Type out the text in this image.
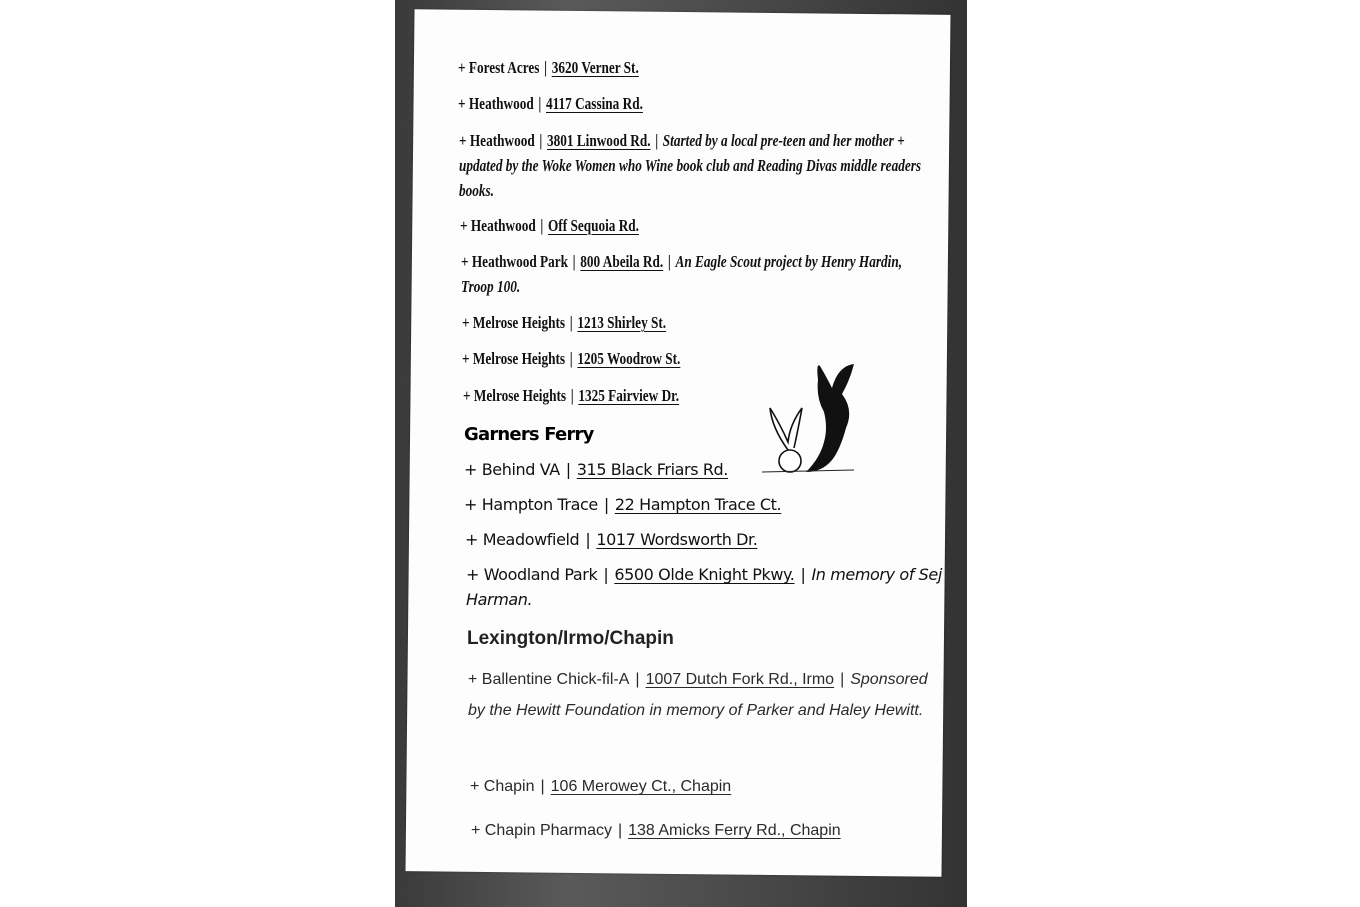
+ Forest Acres | 3620 Verner St.
+ Heathwood | 4117 Cassina Rd.
+ Heathwood | 3801 Linwood Rd. | Started by a local pre-teen and her mother + updated by the Woke Women who Wine book club and Reading Divas middle readers books.
+ Heathwood | Off Sequoia Rd.
+ Heathwood Park | 800 Abeila Rd. | An Eagle Scout project by Henry Hardin, Troop 100.
+ Melrose Heights | 1213 Shirley St.
+ Melrose Heights | 1205 Woodrow St.
+ Melrose Heights | 1325 Fairview Dr.
Garners Ferry
+ Behind VA | 315 Black Friars Rd.
+ Hampton Trace | 22 Hampton Trace Ct.
+ Meadowfield | 1017 Wordsworth Dr.
+ Woodland Park | 6500 Olde Knight Pkwy. | In memory of Sej Harman.
Lexington/Irmo/Chapin
+ Ballentine Chick-fil-A | 1007 Dutch Fork Rd., Irmo | Sponsored by the Hewitt Foundation in memory of Parker and Haley Hewitt.
+ Chapin | 106 Merowey Ct., Chapin
+ Chapin Pharmacy | 138 Amicks Ferry Rd., Chapin
